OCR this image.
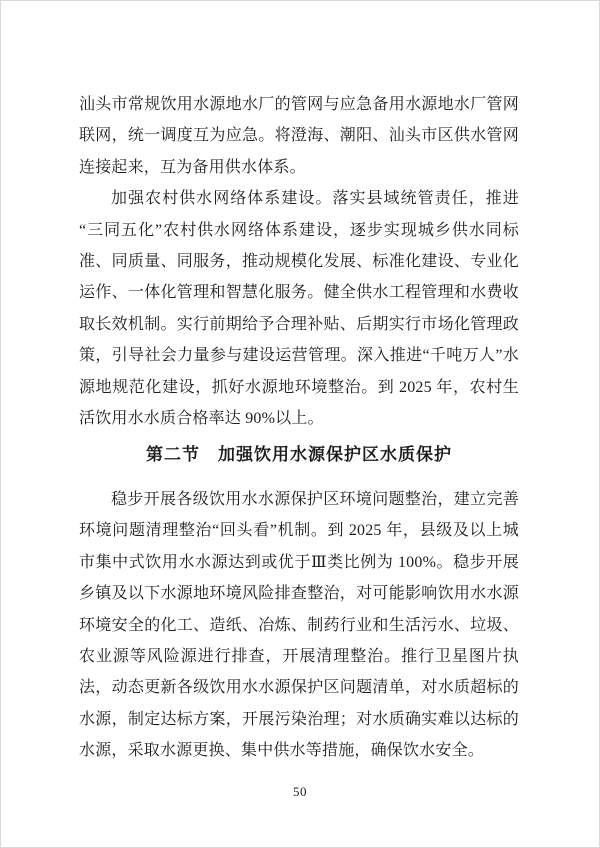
汕头市常规饮用水源地水厂的管网与应急备用水源地水厂管网联网，统一调度互为应急。将澄海、潮阳、汕头市区供水管网连接起来，互为备用供水体系。

加强农村供水网络体系建设。落实县域统管责任，推进“三同五化”农村供水网络体系建设，逐步实现城乡供水同标准、同质量、同服务，推动规模化发展、标准化建设、专业化运作、一体化管理和智慧化服务。健全供水工程管理和水费收取长效机制。实行前期给予合理补贴、后期实行市场化管理政策，引导社会力量参与建设运营管理。深入推进“千吨万人”水源地规范化建设，抓好水源地环境整治。到 2025 年，农村生活饮用水水质合格率达 90%以上。

第二节　加强饮用水源保护区水质保护

稳步开展各级饮用水水源保护区环境问题整治，建立完善环境问题清理整治“回头看”机制。到 2025 年，县级及以上城市集中式饮用水水源达到或优于Ⅲ类比例为 100%。稳步开展乡镇及以下水源地环境风险排查整治，对可能影响饮用水水源环境安全的化工、造纸、冶炼、制药行业和生活污水、垃圾、农业源等风险源进行排查，开展清理整治。推行卫星图片执法，动态更新各级饮用水水源保护区问题清单，对水质超标的水源，制定达标方案，开展污染治理；对水质确实难以达标的水源，采取水源更换、集中供水等措施，确保饮水安全。

50
